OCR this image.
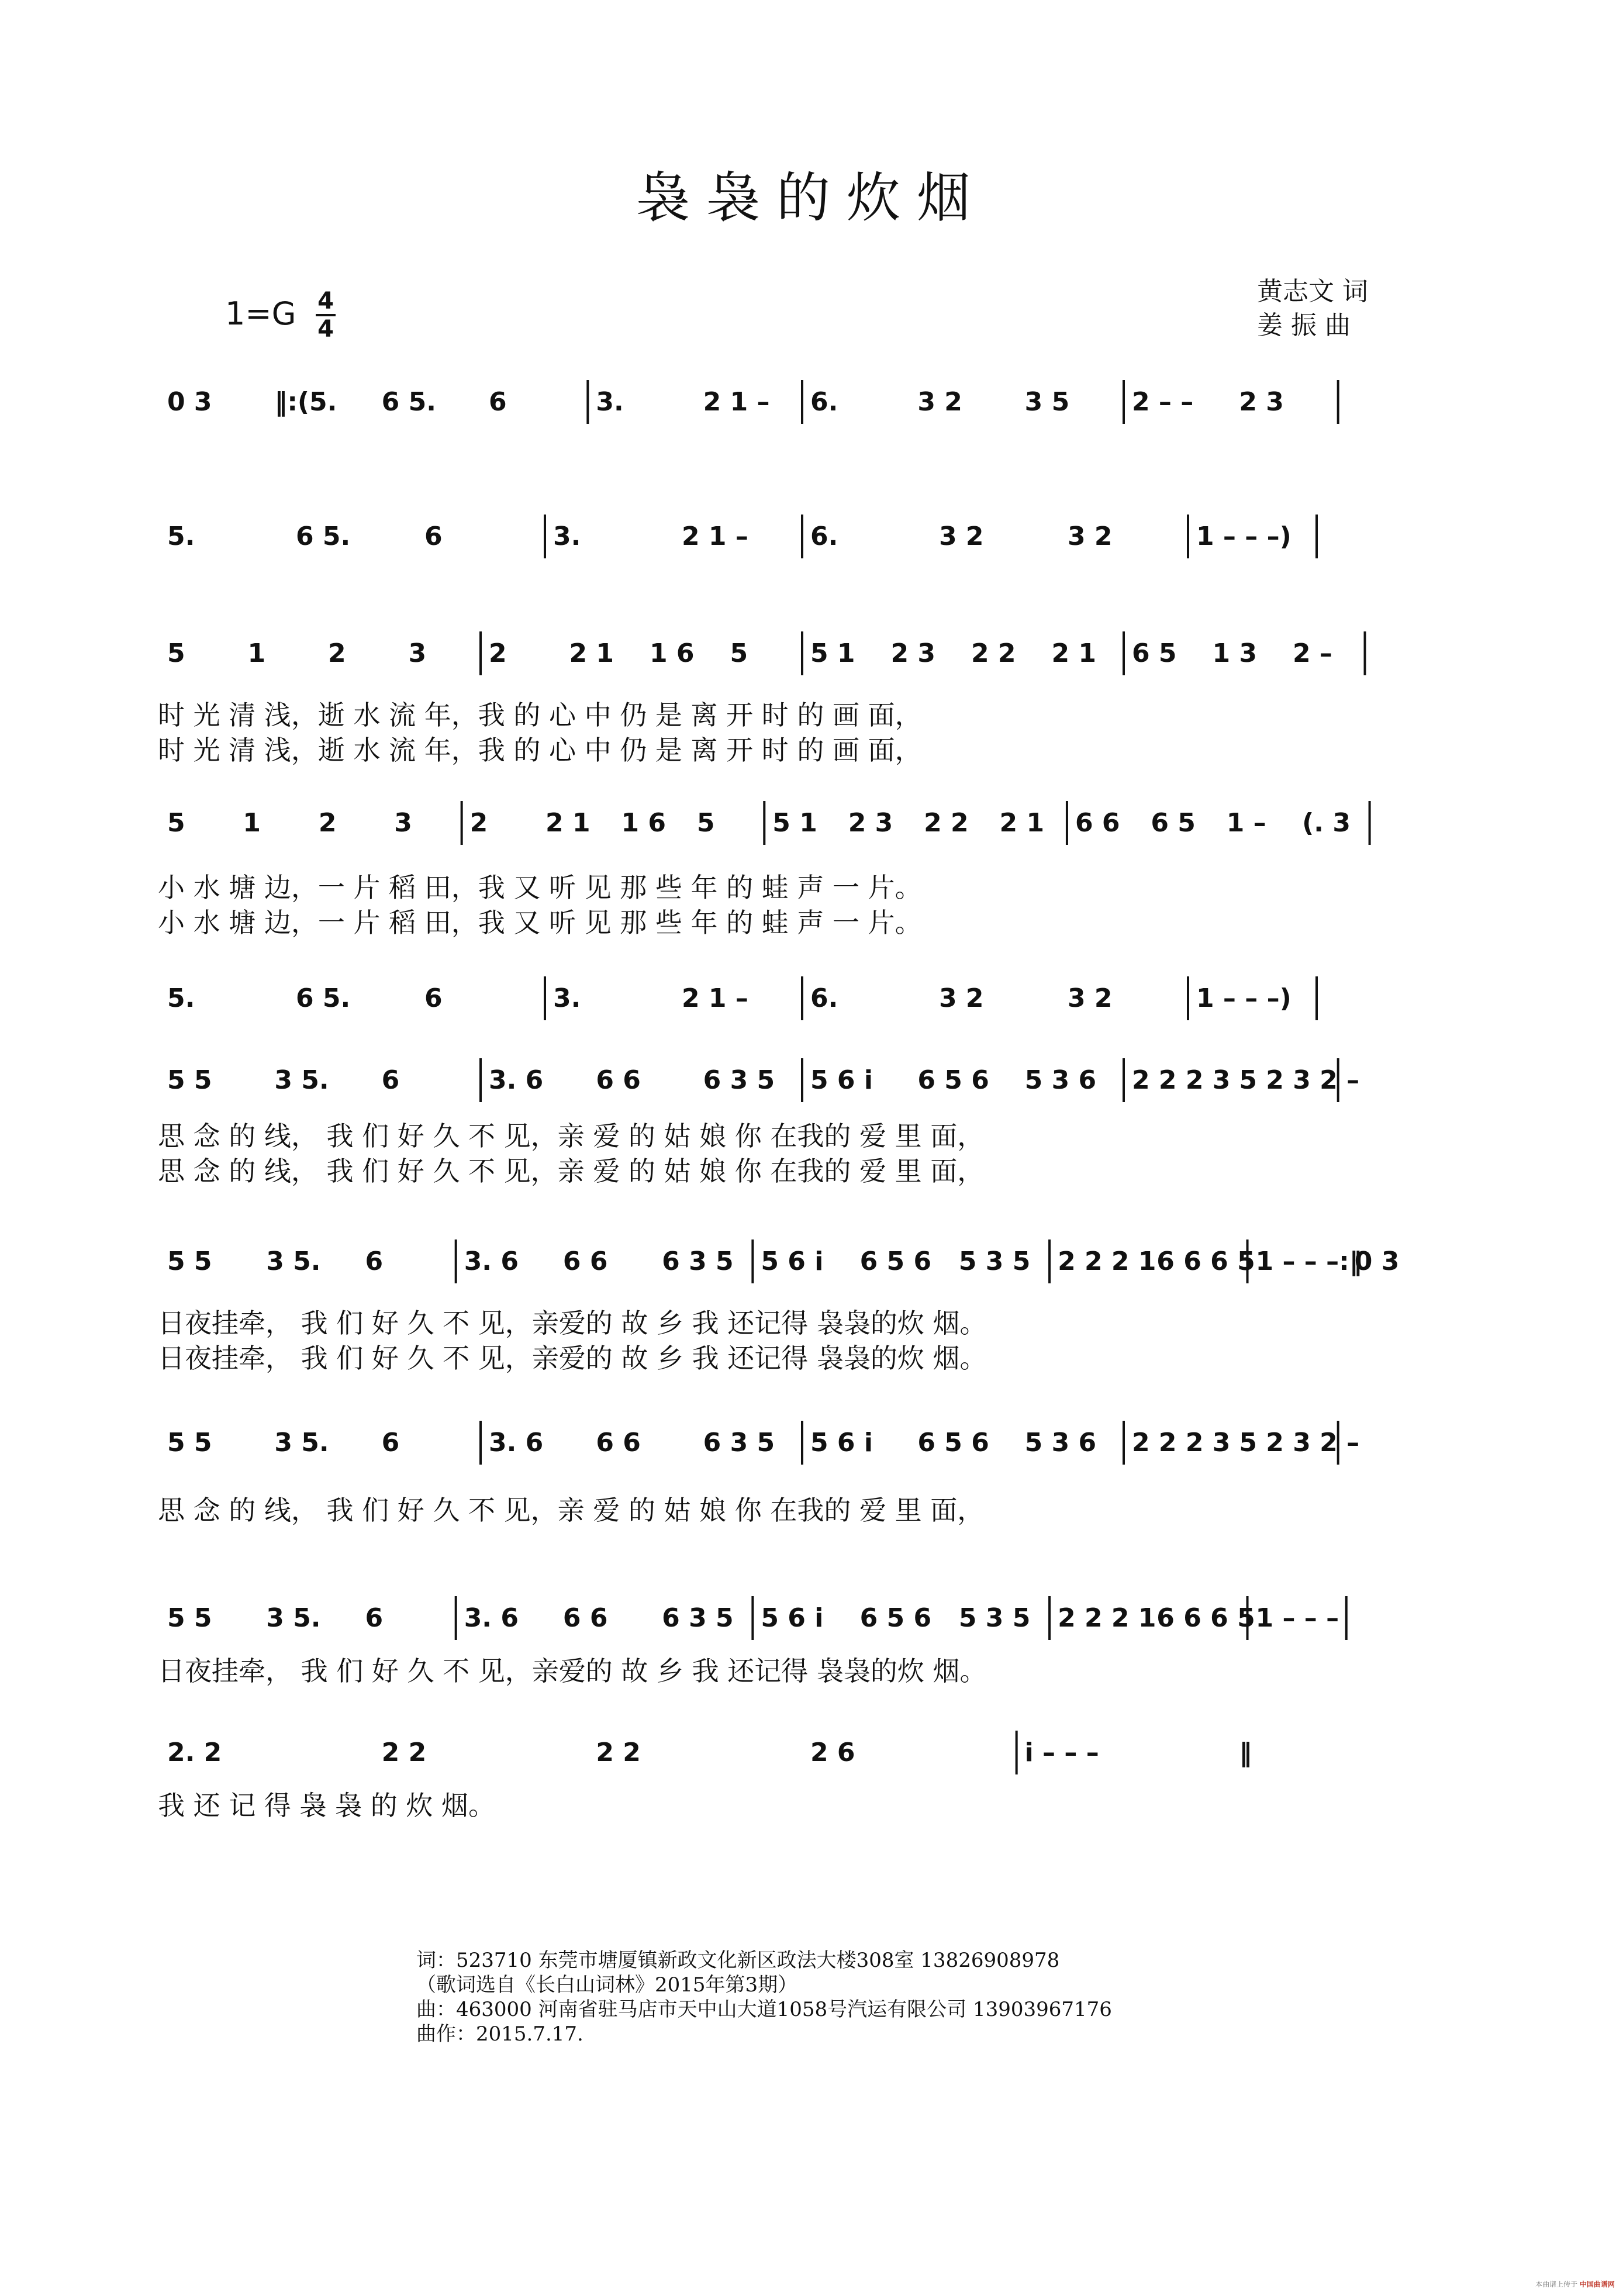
袅袅的炊烟
黄志文 词
姜 振 曲
1=G 4
4
0 3 ‖:(5. 6 5. 6	3.	2 1 – 6.	3 2 3 5 2 – – 2 3
5.	6 5.	6	3.	2 1 – 6.	3 2	3 2	1 – – –)
5 1 2 3 2 2 1 1 6 5 5 1 2 3 2 2 2 1 6 5 1 3 2 –
时 光 清 浅，逝 水 流 年，我 的 心 中 仍 是 离 开 时 的 画 面，
时 光 清 浅，逝 水 流 年，我 的 心 中 仍 是 离 开 时 的 画 面，
5 1 2 3 2 2 1 1 6 5 5 1 2 3 2 2 2 1 6 6 6 5 1 – (. 3
小 水 塘 边，一 片 稻 田，我 又 听 见 那 些 年 的 蛙 声 一 片。
小 水 塘 边，一 片 稻 田，我 又 听 见 那 些 年 的 蛙 声 一 片。
5.	6 5.	6	3.	2 1 – 6.	3 2	3 2	1 – – –)
5 5 3 5. 6	3. 6 6 6 6 3 5 5 6 i 6 5 6 5 3 6 2 2 2 3 5 2 3 2 –
思 念 的 线， 我 们 好 久 不 见，亲 爱 的 姑 娘 你 在我的 爱 里 面，
思 念 的 线， 我 们 好 久 不 见，亲 爱 的 姑 娘 你 在我的 爱 里 面，
5 5 3 5. 6	3. 6 6 6 6 3 5 5 6 i 6 5 6 5 3 5 2 2 2 1 6 6 6 5 1 – – –:‖
0 3
日夜挂牵， 我 们 好 久 不 见，亲爱的 故 乡 我 还记得 袅袅的炊 烟。
日夜挂牵， 我 们 好 久 不 见，亲爱的 故 乡 我 还记得 袅袅的炊 烟。
5 5 3 5. 6	3. 6 6 6 6 3 5 5 6 i 6 5 6 5 3 6 2 2 2 3 5 2 3 2 –
思 念 的 线， 我 们 好 久 不 见，亲 爱 的 姑 娘 你 在我的 爱 里 面，
5 5 3 5. 6	3. 6 6 6 6 3 5 5 6 i 6 5 6 5 3 5 2 2 2 1 6 6 6 5 1 – – –
日夜挂牵， 我 们 好 久 不 见，亲爱的 故 乡 我 还记得 袅袅的炊 烟。
2. 2	2 2	2 2	2 6	i – – –	‖
我 还 记 得 袅 袅 的 炊 烟。
词：523710 东莞市塘厦镇新政文化新区政法大楼308室 13826908978
（歌词选自《长白山词林》2015年第3期）
曲：463000 河南省驻马店市天中山大道1058号汽运有限公司 13903967176
曲作：2015.7.17.
本曲谱上传于 中国曲谱网
